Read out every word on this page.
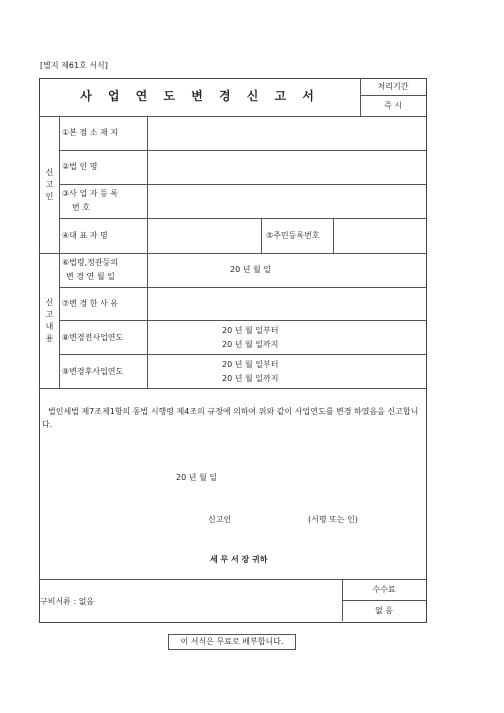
[별지 제61호 서식]
사 업 연 도 변 경 신 고 서
처리기간
즉 시
신
고
인
신
고
내
용
①본 점 소 재 지
②법 인 명
③사 업 자 등 록
번 호
④대 표 자 명	⑤주민등록번호
⑥법령,정관등의
변 경 연 월 일
20 년 월 일
⑦변 경 한 사 유
⑧변경전사업연도
20 년 월 일부터
20 년 월 일까지
⑨변경후사업연도
20 년 월 일부터
20 년 월 일까지
법인세법 제7조제1항의 동법 시행령 제4조의 규정에 의하여 위와 같이 사업연도를 변경 하였음을 신고합니다.
20 년 월 일
신고인	(서명 또는 인)
세 무 서 장 귀하
구비서류 : 없음
수수료
없 음
이 서식은 무료로 배부합니다.
